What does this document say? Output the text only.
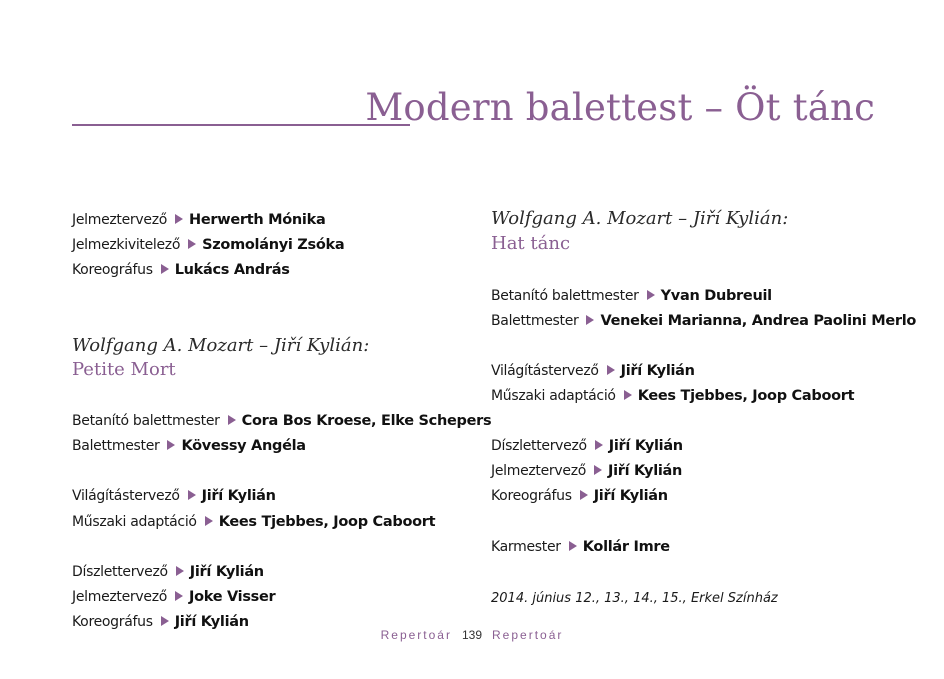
Modern balettest – Öt tánc
Jelmeztervező Herwerth Mónika
Jelmezkivitelező Szomolányi Zsóka
Koreográfus Lukács András
Wolfgang A. Mozart – Jiří Kylián:
Petite Mort
Betanító balettmester Cora Bos Kroese, Elke Schepers
Balettmester Kövessy Angéla
Világítástervező Jiří Kylián
Műszaki adaptáció Kees Tjebbes, Joop Caboort
Díszlettervező Jiří Kylián
Jelmeztervező Joke Visser
Koreográfus Jiří Kylián
Wolfgang A. Mozart – Jiří Kylián:
Hat tánc
Betanító balettmester Yvan Dubreuil
Balettmester Venekei Marianna, Andrea Paolini Merlo
Világítástervező Jiří Kylián
Műszaki adaptáció Kees Tjebbes, Joop Caboort
Díszlettervező Jiří Kylián
Jelmeztervező Jiří Kylián
Koreográfus Jiří Kylián
Karmester Kollár Imre
2014. június 12., 13., 14., 15., Erkel Színház
Repertoár 139 Repertoár
